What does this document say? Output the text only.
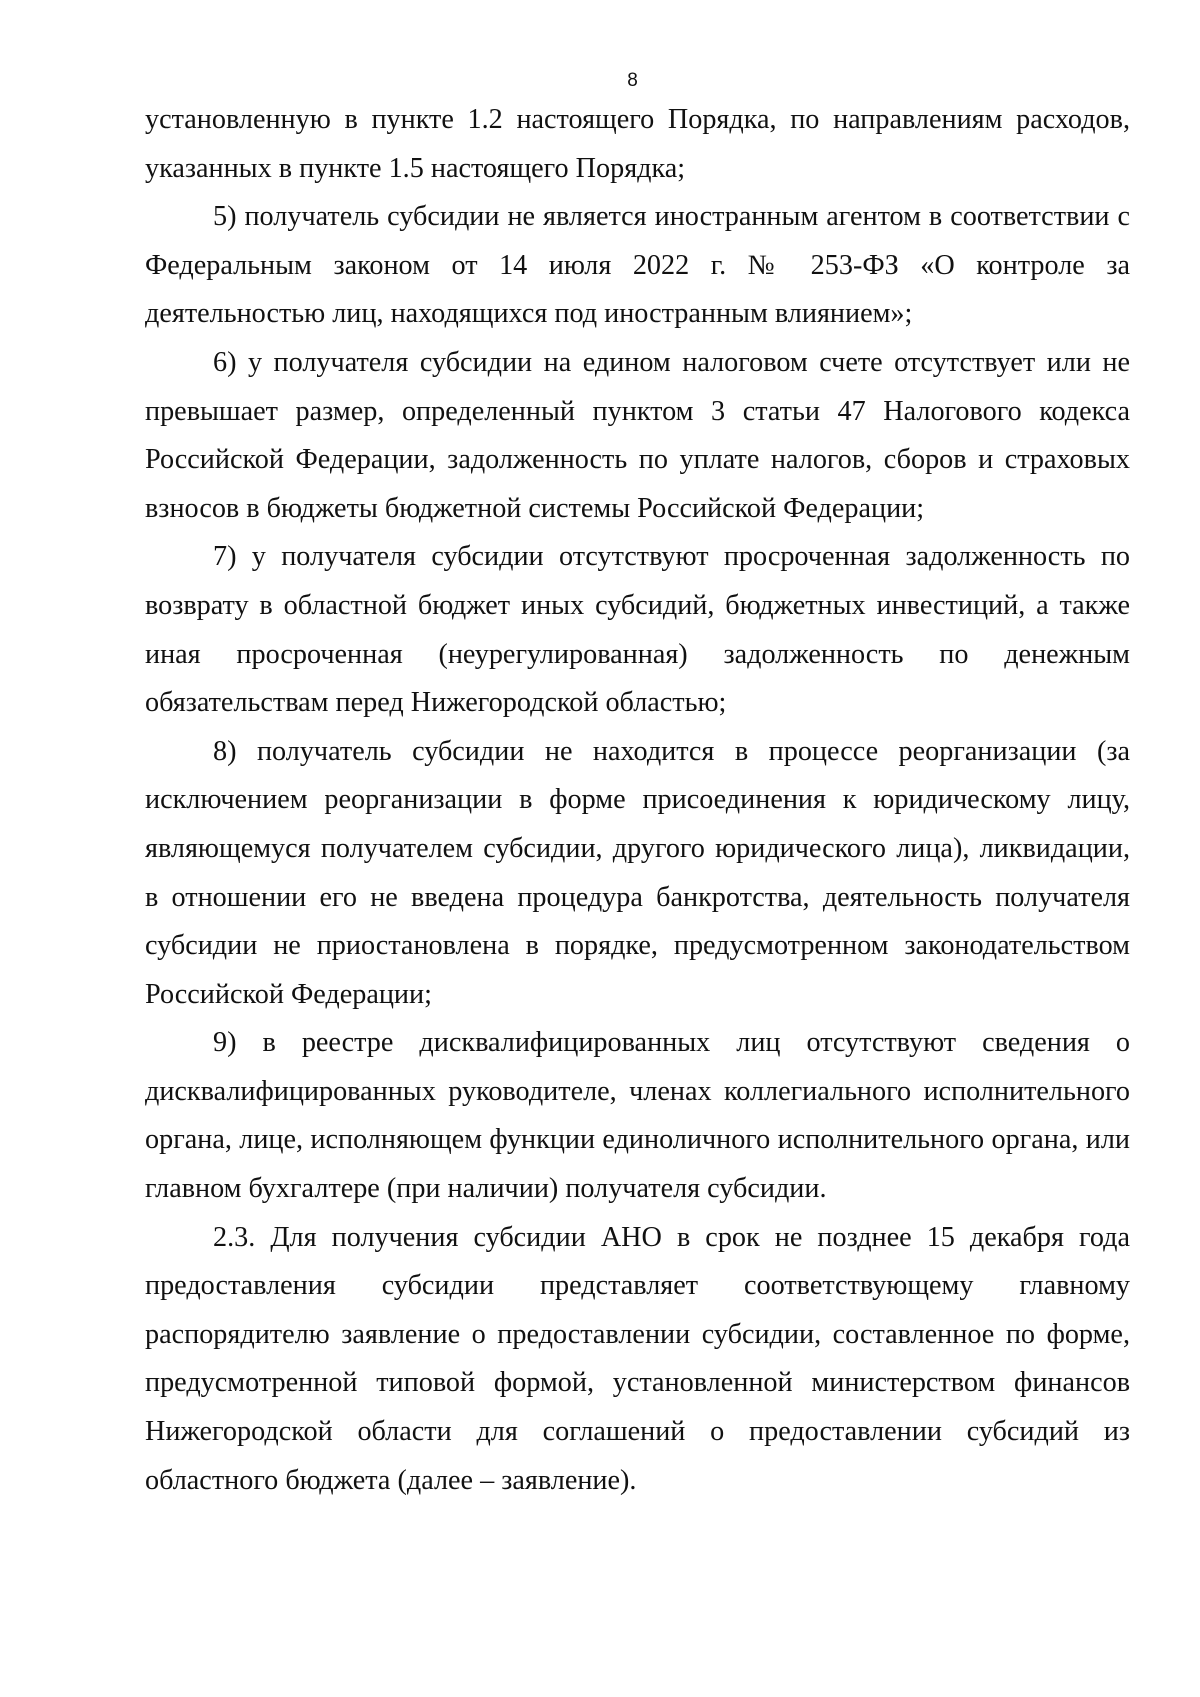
8

установленную в пункте 1.2 настоящего Порядка, по направлениям расходов, указанных в пункте 1.5 настоящего Порядка;

5) получатель субсидии не является иностранным агентом в соответствии с Федеральным законом от 14 июля 2022 г. № 253-ФЗ «О контроле за деятельностью лиц, находящихся под иностранным влиянием»;

6) у получателя субсидии на едином налоговом счете отсутствует или не превышает размер, определенный пунктом 3 статьи 47 Налогового кодекса Российской Федерации, задолженность по уплате налогов, сборов и страховых взносов в бюджеты бюджетной системы Российской Федерации;

7) у получателя субсидии отсутствуют просроченная задолженность по возврату в областной бюджет иных субсидий, бюджетных инвестиций, а также иная просроченная (неурегулированная) задолженность по денежным обязательствам перед Нижегородской областью;

8) получатель субсидии не находится в процессе реорганизации (за исключением реорганизации в форме присоединения к юридическому лицу, являющемуся получателем субсидии, другого юридического лица), ликвидации, в отношении его не введена процедура банкротства, деятельность получателя субсидии не приостановлена в порядке, предусмотренном законодательством Российской Федерации;

9) в реестре дисквалифицированных лиц отсутствуют сведения о дисквалифицированных руководителе, членах коллегиального исполнительного органа, лице, исполняющем функции единоличного исполнительного органа, или главном бухгалтере (при наличии) получателя субсидии.

2.3. Для получения субсидии АНО в срок не позднее 15 декабря года предоставления субсидии представляет соответствующему главному распорядителю заявление о предоставлении субсидии, составленное по форме, предусмотренной типовой формой, установленной министерством финансов Нижегородской области для соглашений о предоставлении субсидий из областного бюджета (далее – заявление).
